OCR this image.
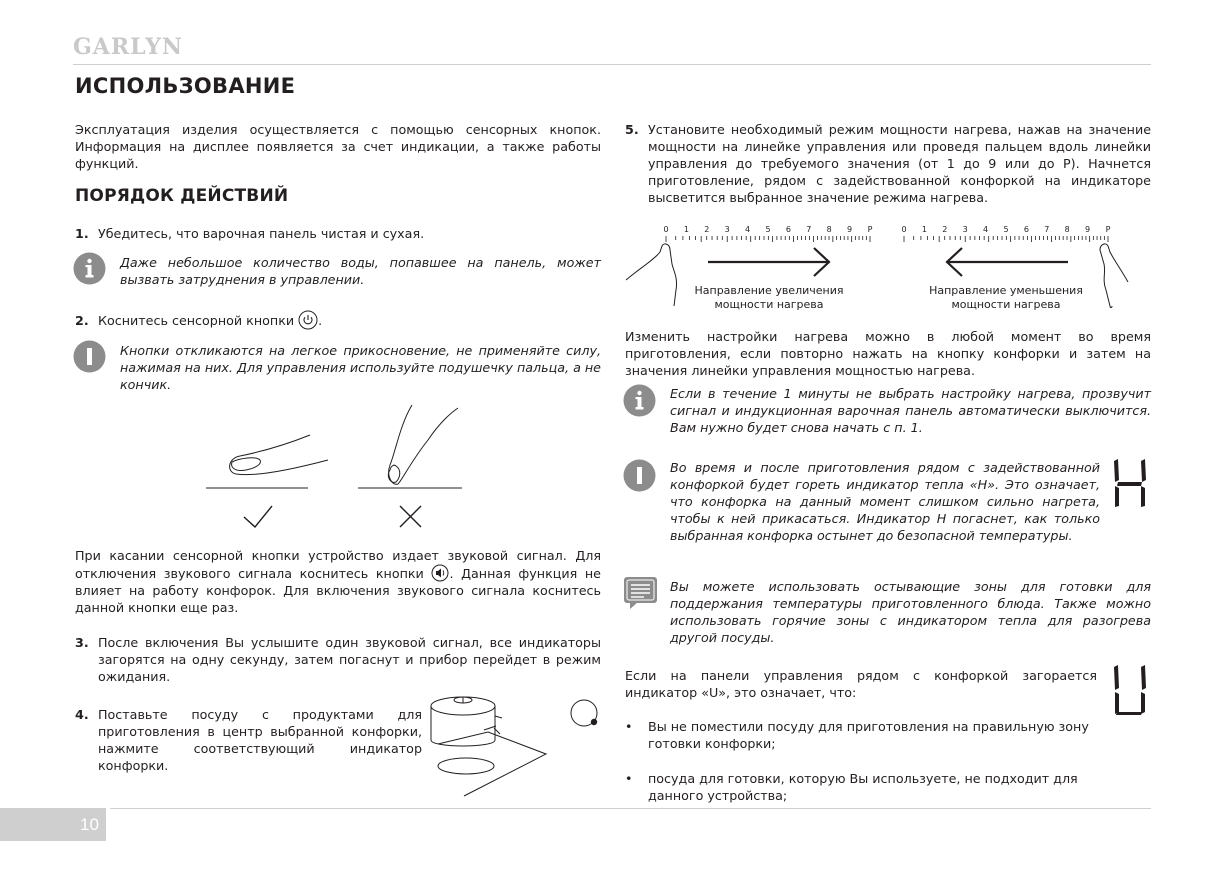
GARLYN
ИСПОЛЬЗОВАНИЕ
Эксплуатация изделия осуществляется с помощью сенсорных кнопок. Информация на дисплее появляется за счет индикации, а также работы функций.
ПОРЯДОК ДЕЙСТВИЙ
1. Убедитесь, что варочная панель чистая и сухая.
Даже небольшое количество воды, попавшее на панель, может вызвать затруднения в управлении.
2. Коснитесь сенсорной кнопки .
Кнопки откликаются на легкое прикосновение, не применяйте силу, нажимая на них. Для управления используйте подушечку пальца, а не кончик.
При касании сенсорной кнопки устройство издает звуковой сигнал. Для отключения звукового сигнала коснитесь кнопки . Данная функция не влияет на работу конфорок. Для включения звукового сигнала коснитесь данной кнопки еще раз.
3. После включения Вы услышите один звуковой сигнал, все индикаторы загорятся на одну секунду, затем погаснут и прибор перейдет в режим ожидания.
4. Поставьте посуду с продуктами для приготовления в центр выбранной конфорки, нажмите соответствующий индикатор конфорки.
5. Установите необходимый режим мощности нагрева, нажав на значение мощности на линейке управления или проведя пальцем вдоль линейки управления до требуемого значения (от 1 до 9 или до P). Начнется приготовление, рядом с задействованной конфоркой на индикаторе высветится выбранное значение режима нагрева.
0 1 2 3 4 5 6 7 8 9 P	0 1 2 3 4 5 6 7 8 9 P
Направление увеличения мощности нагрева
Направление уменьшения мощности нагрева
Изменить настройки нагрева можно в любой момент во время приготовления, если повторно нажать на кнопку конфорки и затем на значения линейки управления мощностью нагрева.
Если в течение 1 минуты не выбрать настройку нагрева, прозвучит сигнал и индукционная варочная панель автоматически выключится. Вам нужно будет снова начать с п. 1.
Во время и после приготовления рядом с задействованной конфоркой будет гореть индикатор тепла «H». Это означает, что конфорка на данный момент слишком сильно нагрета, чтобы к ней прикасаться. Индикатор H погаснет, как только выбранная конфорка остынет до безопасной температуры.
Вы можете использовать остывающие зоны для готовки для поддержания температуры приготовленного блюда. Также можно использовать горячие зоны с индикатором тепла для разогрева другой посуды.
Если на панели управления рядом с конфоркой загорается индикатор «U», это означает, что:
•	Вы не поместили посуду для приготовления на правильную зону готовки конфорки;
•	посуда для готовки, которую Вы используете, не подходит для данного устройства;
10
